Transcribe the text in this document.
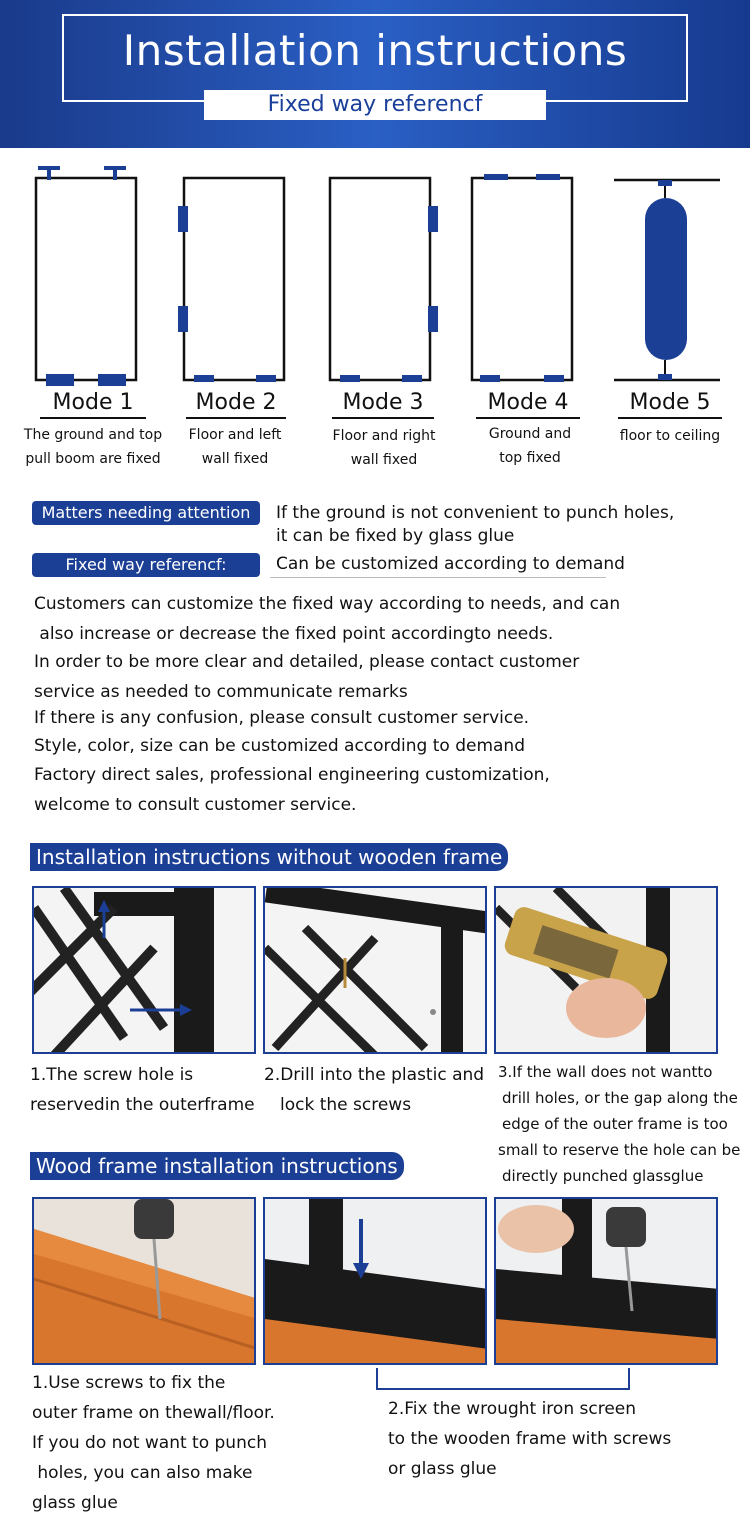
Installation instructions
Fixed way referencf
Mode 1
The ground and top
pull boom are fixed
Mode 2
Floor and left
wall fixed
Mode 3
Floor and right
wall fixed
Mode 4
Ground and
top fixed
Mode 5
floor to ceiling
Matters needing attention	If the ground is not convenient to punch holes,
it can be fixed by glass glue
Fixed way referencf:	Can be customized according to demand
Customers can customize the fixed way according to needs, and can
also increase or decrease the fixed point accordingto needs.
In order to be more clear and detailed, please contact customer
service as needed to communicate remarks
If there is any confusion, please consult customer service.
Style, color, size can be customized according to demand
Factory direct sales, professional engineering customization,
welcome to consult customer service.
Installation instructions without wooden frame
1.The screw hole is
reservedin the outerframe
2.Drill into the plastic and
lock the screws
3.If the wall does not wantto
drill holes, or the gap along the
edge of the outer frame is too
small to reserve the hole can be
directly punched glassglue
Wood frame installation instructions
1.Use screws to fix the
outer frame on thewall/floor.
If you do not want to punch
holes, you can also make
glass glue
2.Fix the wrought iron screen
to the wooden frame with screws
or glass glue
